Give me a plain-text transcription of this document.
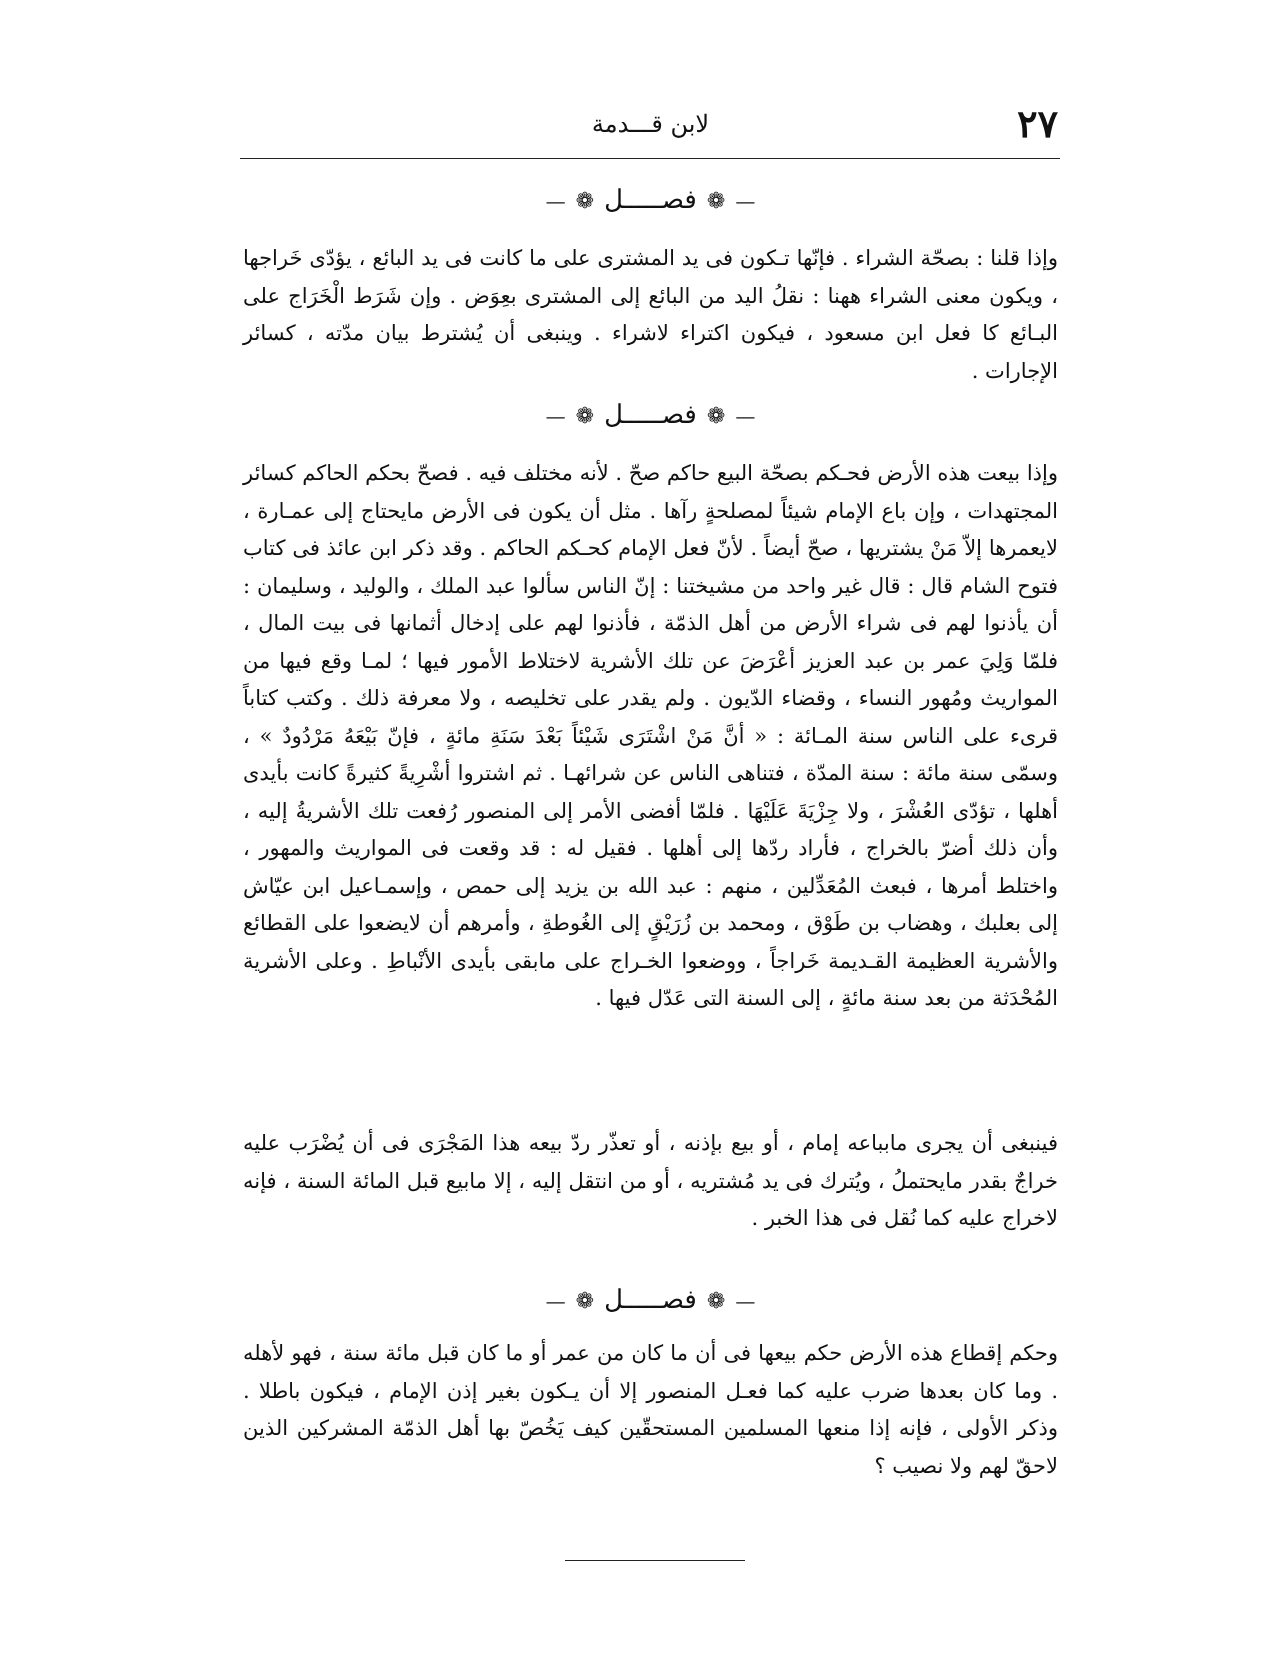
٢٧
لابن قـــدمة
—❁فصـــــل❁—

وإذا قلنا : بصحّة الشراء . فإنّها تـكون فى يد المشترى على ما كانت فى يد البائع ، يؤدّى خَراجها ، ويكون معنى الشراء ههنا : نقلُ اليد من البائع إلى المشترى بعِوَض . وإن شَرَط الْخَرَاج على البـائع كا فعل ابن مسعود ، فيكون اكتراء لاشراء . وينبغى أن يُشترط بيان مدّته ، كسائر الإجارات .

—❁فصـــــل❁—

وإذا بيعت هذه الأرض فحـكم بصحّة البيع حاكم صحّ . لأنه مختلف فيه . فصحّ بحكم الحاكم كسائر المجتهدات ، وإن باع الإمام شيئاً لمصلحةٍ رآها . مثل أن يكون فى الأرض مايحتاج إلى عمـارة ، لايعمرها إلاّ مَنْ يشتريها ، صحّ أيضاً . لأنّ فعل الإمام كحـكم الحاكم . وقد ذكر ابن عائذ فى كتاب فتوح الشام قال : قال غير واحد من مشيختنا : إنّ الناس سألوا عبد الملك ، والوليد ، وسليمان : أن يأذنوا لهم فى شراء الأرض من أهل الذمّة ، فأذنوا لهم على إدخال أثمانها فى بيت المال ، فلمّا وَلِيَ عمر بن عبد العزيز أعْرَضَ عن تلك الأشرية لاختلاط الأمور فيها ؛ لمـا وقع فيها من المواريث ومُهور النساء ، وقضاء الدّيون . ولم يقدر على تخليصه ، ولا معرفة ذلك . وكتب كتاباً قرىء على الناس سنة المـائة : « أنَّ مَنْ اشْتَرَى شَيْئاً بَعْدَ سَنَةِ مائةٍ ، فإنّ بَيْعَهُ مَرْدُودٌ » ، وسمّى سنة مائة : سنة المدّة ، فتناهى الناس عن شرائهـا . ثم اشتروا أشْرِيةً كثيرةً كانت بأيدى أهلها ، تؤدّى العُشْرَ ، ولا جِزْيَةَ عَلَيْهَا . فلمّا أفضى الأمر إلى المنصور رُفعت تلك الأشريةُ إليه ، وأن ذلك أضرّ بالخراج ، فأراد ردّها إلى أهلها . فقيل له : قد وقعت فى المواريث والمهور ، واختلط أمرها ، فبعث المُعَدِّلين ، منهم : عبد الله بن يزيد إلى حمص ، وإسمـاعيل ابن عيّاش إلى بعلبك ، وهضاب بن طَوْق ، ومحمد بن زُرَيْقٍ إلى الغُوطةِ ، وأمرهم أن لايضعوا على القطائع والأشرية العظيمة القـديمة خَراجاً ، ووضعوا الخـراج على مابقى بأيدى الأنْباطِ . وعلى الأشرية المُحْدَثة من بعد سنة مائةٍ ، إلى السنة التى عَدّل فيها .

فينبغى أن يجرى مابباعه إمام ، أو بيع بإذنه ، أو تعذّر ردّ بيعه هذا المَجْرَى فى أن يُضْرَب عليه خراجٌ بقدر مايحتملُ ، ويُترك فى يد مُشتريه ، أو من انتقل إليه ، إلا مابيع قبل المائة السنة ، فإنه لاخراج عليه كما نُقل فى هذا الخبر .

—❁فصـــــل❁—

وحكم إقطاع هذه الأرض حكم بيعها فى أن ما كان من عمر أو ما كان قبل مائة سنة ، فهو لأهله . وما كان بعدها ضرب عليه كما فعـل المنصور إلا أن يـكون بغير إذن الإمام ، فيكون باطلا . وذكر الأولى ، فإنه إذا منعها المسلمين المستحقّين كيف يَخُصّ بها أهل الذمّة المشركين الذين لاحقّ لهم ولا نصيب ؟
